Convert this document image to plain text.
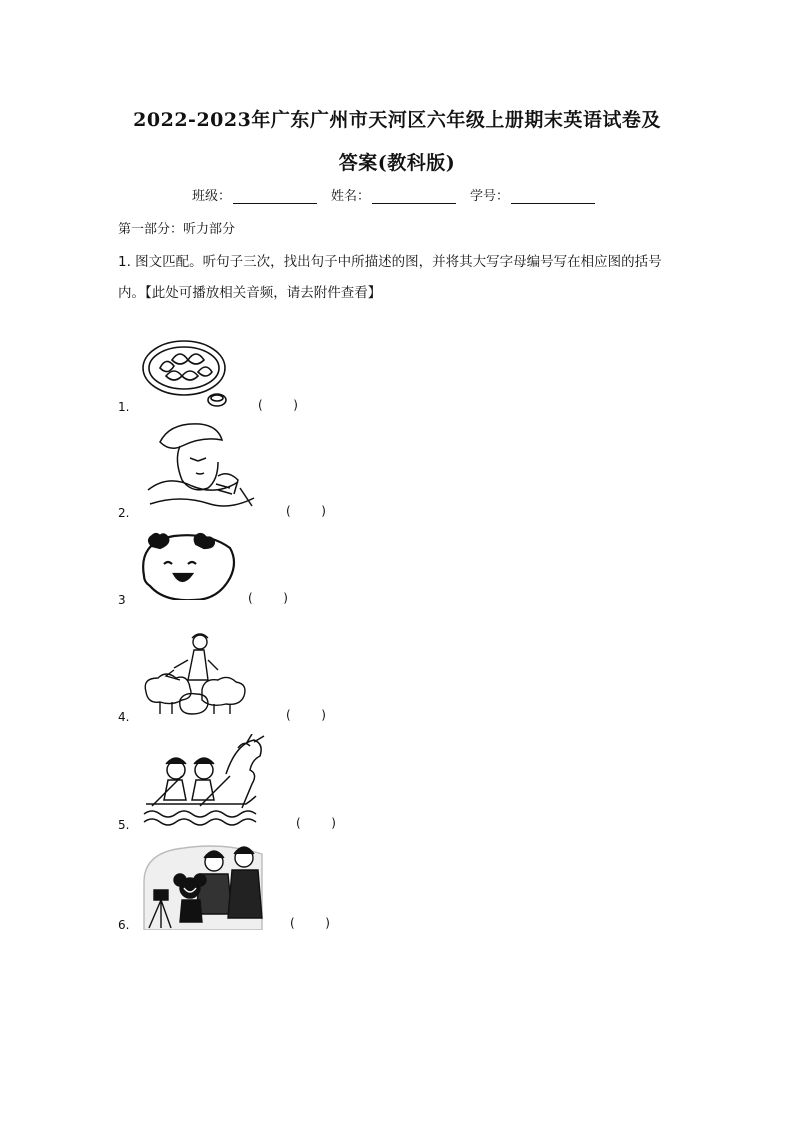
2022-2023年广东广州市天河区六年级上册期末英语试卷及
答案(教科版)
班级：	姓名：	学号：
第一部分：听力部分
1. 图文匹配。听句子三次，找出句子中所描述的图，并将其大写字母编号写在相应图的括号内。【此处可播放相关音频，请去附件查看】
1.	(        )
2.	(        )
3	(        )
4.	(        )
5.	(        )
6.	(        )
